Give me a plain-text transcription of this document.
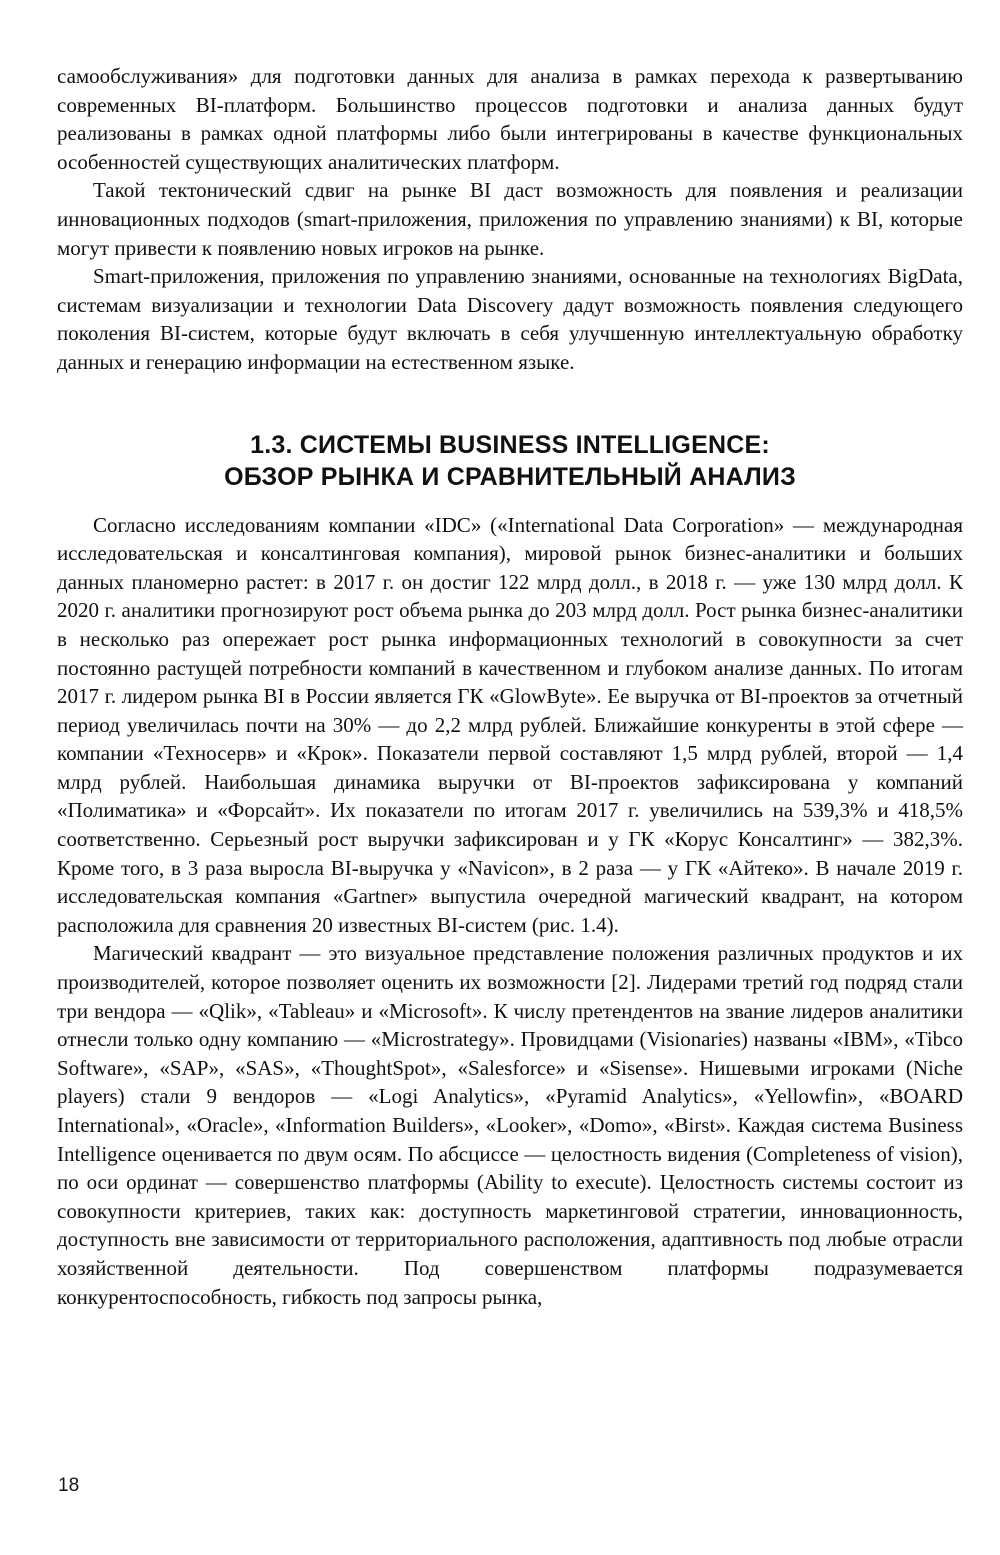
самообслуживания» для подготовки данных для анализа в рамках перехода к развертыванию современных BI-платформ. Большинство процессов подготовки и анализа данных будут реализованы в рамках одной платформы либо были интегрированы в качестве функциональных особенностей существующих аналитических платформ.

Такой тектонический сдвиг на рынке BI даст возможность для появления и реализации инновационных подходов (smart-приложения, приложения по управлению знаниями) к BI, которые могут привести к появлению новых игроков на рынке.

Smart-приложения, приложения по управлению знаниями, основанные на технологиях BigData, системам визуализации и технологии Data Discovery дадут возможность появления следующего поколения BI-систем, которые будут включать в себя улучшенную интеллектуальную обработку данных и генерацию информации на естественном языке.

1.3. СИСТЕМЫ BUSINESS INTELLIGENCE:
ОБЗОР РЫНКА И СРАВНИТЕЛЬНЫЙ АНАЛИЗ

Согласно исследованиям компании «IDC» («International Data Corporation» — международная исследовательская и консалтинговая компания), мировой рынок бизнес-аналитики и больших данных планомерно растет: в 2017 г. он достиг 122 млрд долл., в 2018 г. — уже 130 млрд долл. К 2020 г. аналитики прогнозируют рост объема рынка до 203 млрд долл. Рост рынка бизнес-аналитики в несколько раз опережает рост рынка информационных технологий в совокупности за счет постоянно растущей потребности компаний в качественном и глубоком анализе данных. По итогам 2017 г. лидером рынка BI в России является ГК «GlowByte». Ее выручка от BI-проектов за отчетный период увеличилась почти на 30% — до 2,2 млрд рублей. Ближайшие конкуренты в этой сфере — компании «Техносерв» и «Крок». Показатели первой составляют 1,5 млрд рублей, второй — 1,4 млрд рублей. Наибольшая динамика выручки от BI-проектов зафиксирована у компаний «Полиматика» и «Форсайт». Их показатели по итогам 2017 г. увеличились на 539,3% и 418,5% соответственно. Серьезный рост выручки зафиксирован и у ГК «Корус Консалтинг» — 382,3%. Кроме того, в 3 раза выросла BI-выручка у «Navicon», в 2 раза — у ГК «Айтеко». В начале 2019 г. исследовательская компания «Gartner» выпустила очередной магический квадрант, на котором расположила для сравнения 20 известных BI-систем (рис. 1.4).

Магический квадрант — это визуальное представление положения различных продуктов и их производителей, которое позволяет оценить их возможности [2]. Лидерами третий год подряд стали три вендора — «Qlik», «Tableau» и «Microsoft». К числу претендентов на звание лидеров аналитики отнесли только одну компанию — «Microstrategy». Провидцами (Visionaries) названы «IBM», «Tibco Software», «SAP», «SAS», «ThoughtSpot», «Salesforce» и «Sisense». Нишевыми игроками (Niche players) стали 9 вендоров — «Logi Analytics», «Pyramid Analytics», «Yellowfin», «BOARD International», «Oracle», «Information Builders», «Looker», «Domo», «Birst». Каждая система Business Intelligence оценивается по двум осям. По абсциссе — целостность видения (Completeness of vision), по оси ординат — совершенство платформы (Ability to execute). Целостность системы состоит из совокупности критериев, таких как: доступность маркетинговой стратегии, инновационность, доступность вне зависимости от территориального расположения, адаптивность под любые отрасли хозяйственной деятельности. Под совершенством платформы подразумевается конкурентоспособность, гибкость под запросы рынка,

18
